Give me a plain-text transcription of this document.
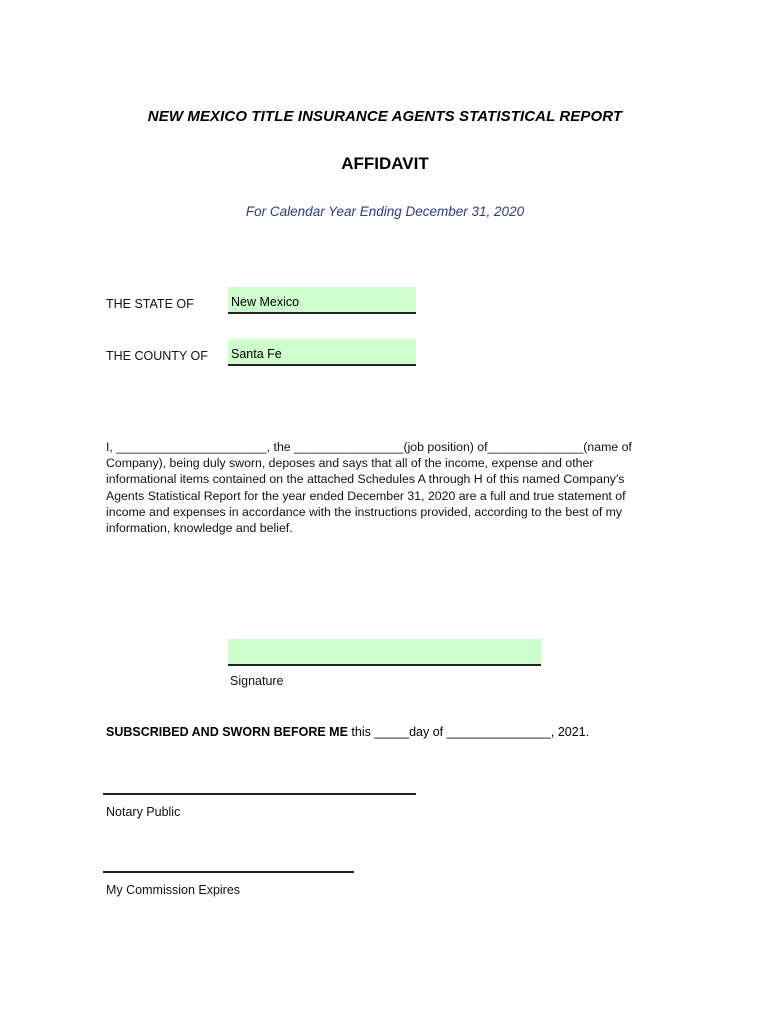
NEW MEXICO TITLE INSURANCE AGENTS STATISTICAL REPORT
AFFIDAVIT
For Calendar Year Ending December 31, 2020
THE STATE OF	New Mexico
THE COUNTY OF Santa Fe
I, ______________________, the ________________(job position) of______________(name of
Company), being duly sworn, deposes and says that all of the income, expense and other
informational items contained on the attached Schedules A through H of this named Company's
Agents Statistical Report for the year ended December 31, 2020 are a full and true statement of
income and expenses in accordance with the instructions provided, according to the best of my
information, knowledge and belief.
Signature
SUBSCRIBED AND SWORN BEFORE ME this _____day of _______________, 2021.
Notary Public
My Commission Expires
